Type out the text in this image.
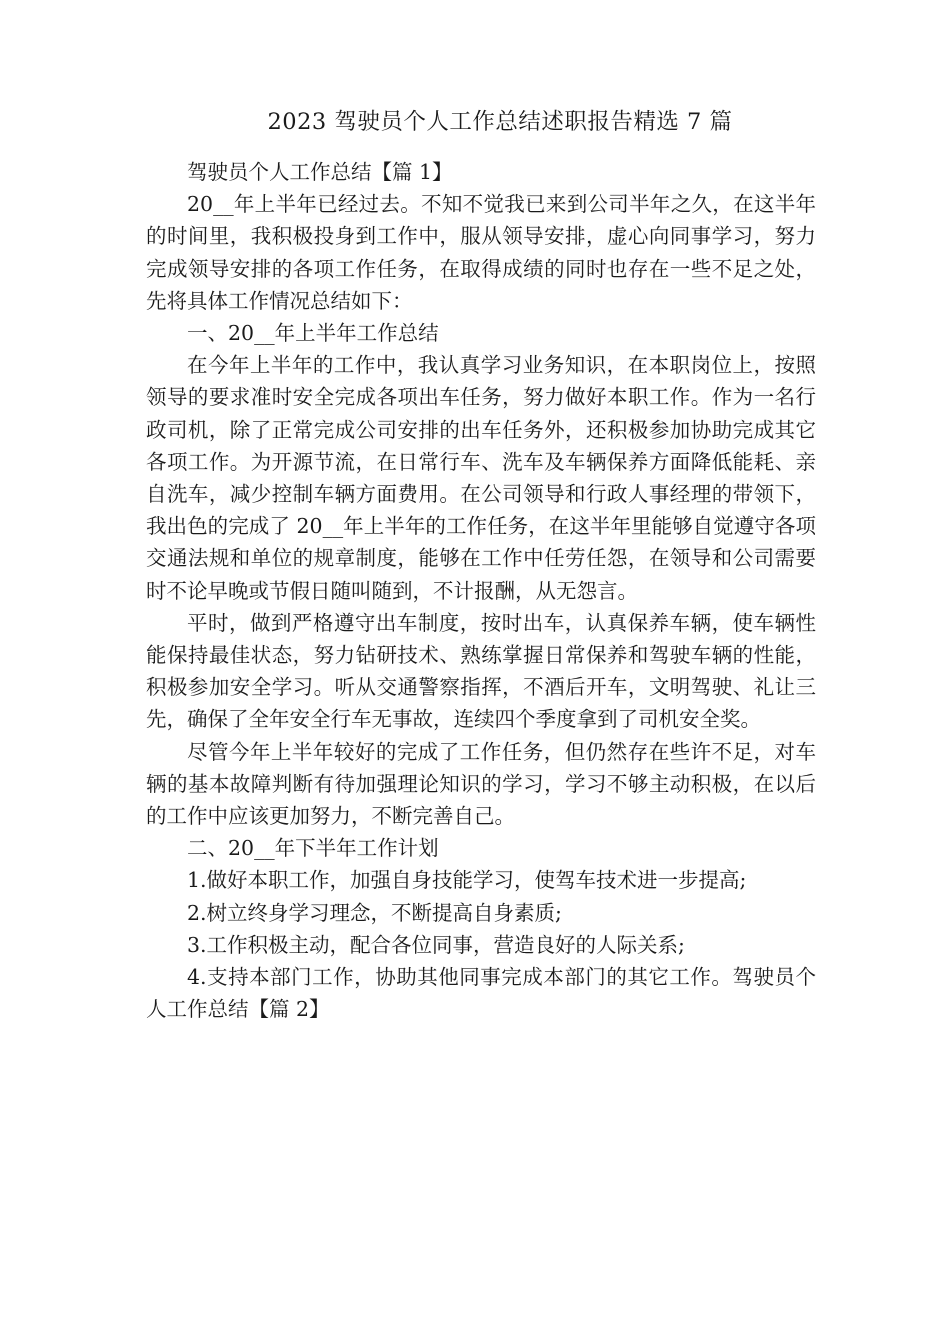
2023 驾驶员个人工作总结述职报告精选 7 篇

驾驶员个人工作总结【篇 1】

20__年上半年已经过去。不知不觉我已来到公司半年之久，在这半年的时间里，我积极投身到工作中，服从领导安排，虚心向同事学习，努力完成领导安排的各项工作任务，在取得成绩的同时也存在一些不足之处，先将具体工作情况总结如下：

一、20__年上半年工作总结

在今年上半年的工作中，我认真学习业务知识，在本职岗位上，按照领导的要求准时安全完成各项出车任务，努力做好本职工作。作为一名行政司机，除了正常完成公司安排的出车任务外，还积极参加协助完成其它各项工作。为开源节流，在日常行车、洗车及车辆保养方面降低能耗、亲自洗车，减少控制车辆方面费用。在公司领导和行政人事经理的带领下，我出色的完成了 20__年上半年的工作任务，在这半年里能够自觉遵守各项交通法规和单位的规章制度，能够在工作中任劳任怨，在领导和公司需要时不论早晚或节假日随叫随到，不计报酬，从无怨言。

平时，做到严格遵守出车制度，按时出车，认真保养车辆，使车辆性能保持最佳状态，努力钻研技术、熟练掌握日常保养和驾驶车辆的性能，积极参加安全学习。听从交通警察指挥，不酒后开车，文明驾驶、礼让三先，确保了全年安全行车无事故，连续四个季度拿到了司机安全奖。

尽管今年上半年较好的完成了工作任务，但仍然存在些许不足，对车辆的基本故障判断有待加强理论知识的学习，学习不够主动积极，在以后的工作中应该更加努力，不断完善自己。

二、20__年下半年工作计划

1.做好本职工作，加强自身技能学习，使驾车技术进一步提高;

2.树立终身学习理念，不断提高自身素质;

3.工作积极主动，配合各位同事，营造良好的人际关系;

4.支持本部门工作，协助其他同事完成本部门的其它工作。驾驶员个人工作总结【篇 2】
